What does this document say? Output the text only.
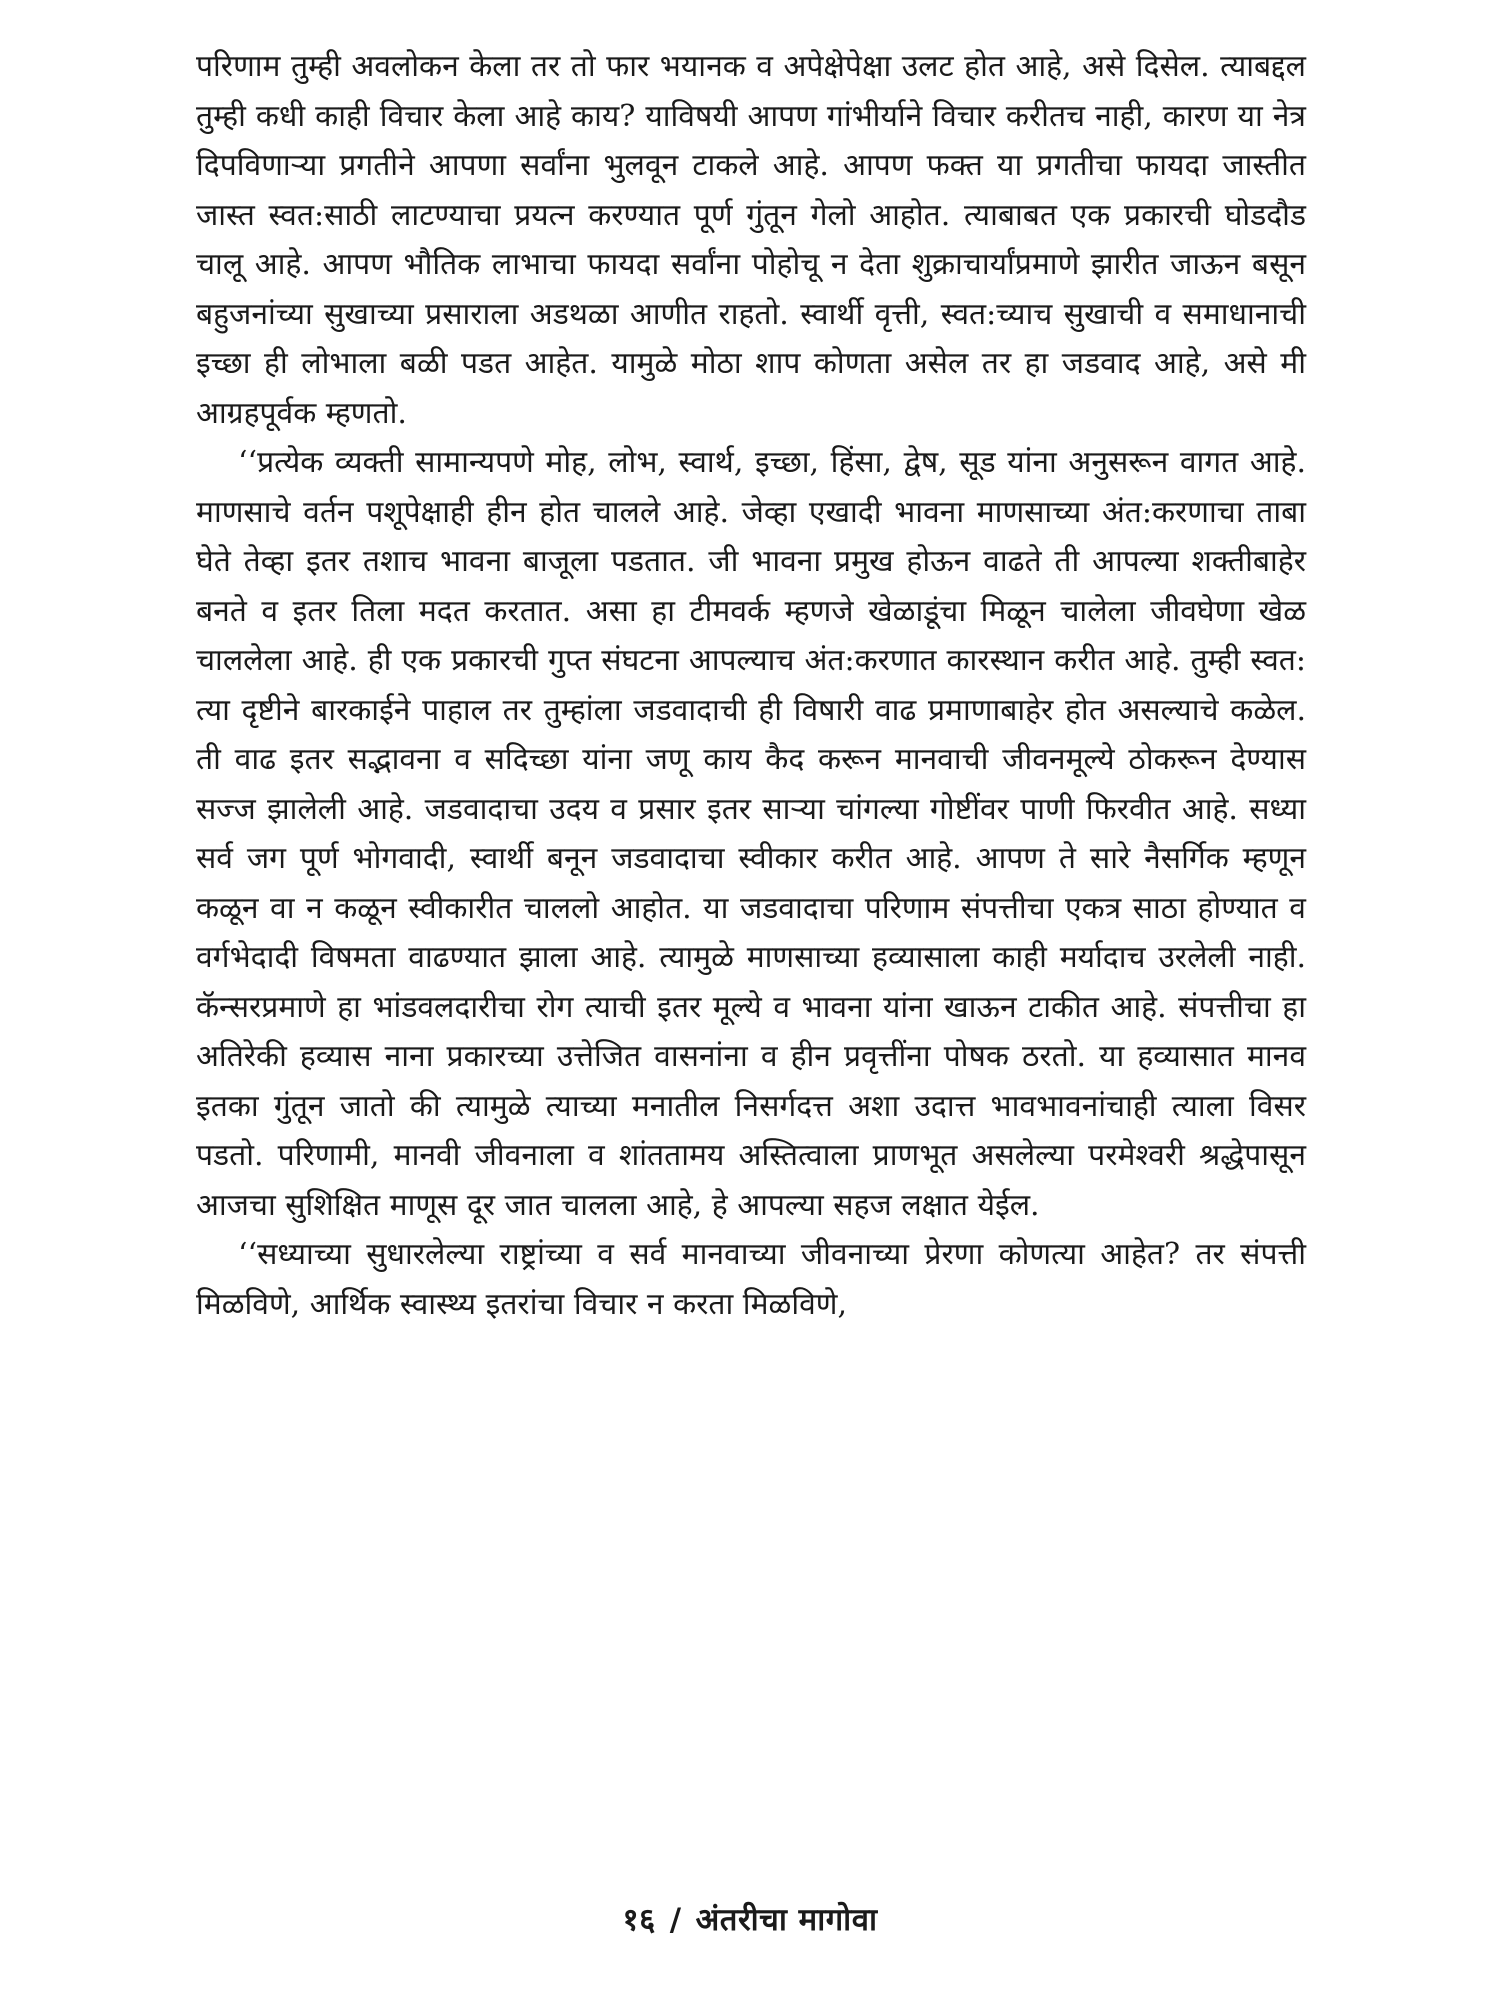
परिणाम तुम्ही अवलोकन केला तर तो फार भयानक व अपेक्षेपेक्षा उलट होत आहे, असे दिसेल. त्याबद्दल तुम्ही कधी काही विचार केला आहे काय? याविषयी आपण गांभीर्याने विचार करीतच नाही, कारण या नेत्र दिपविणाऱ्या प्रगतीने आपणा सर्वांना भुलवून टाकले आहे. आपण फक्त या प्रगतीचा फायदा जास्तीत जास्त स्वत:साठी लाटण्याचा प्रयत्न करण्यात पूर्ण गुंतून गेलो आहोत. त्याबाबत एक प्रकारची घोडदौड चालू आहे. आपण भौतिक लाभाचा फायदा सर्वांना पोहोचू न देता शुक्राचार्यांप्रमाणे झारीत जाऊन बसून बहुजनांच्या सुखाच्या प्रसाराला अडथळा आणीत राहतो. स्वार्थी वृत्ती, स्वत:च्याच सुखाची व समाधानाची इच्छा ही लोभाला बळी पडत आहेत. यामुळे मोठा शाप कोणता असेल तर हा जडवाद आहे, असे मी आग्रहपूर्वक म्हणतो.

‘‘प्रत्येक व्यक्ती सामान्यपणे मोह, लोभ, स्वार्थ, इच्छा, हिंसा, द्वेष, सूड यांना अनुसरून वागत आहे. माणसाचे वर्तन पशूपेक्षाही हीन होत चालले आहे. जेव्हा एखादी भावना माणसाच्या अंत:करणाचा ताबा घेते तेव्हा इतर तशाच भावना बाजूला पडतात. जी भावना प्रमुख होऊन वाढते ती आपल्या शक्तीबाहेर बनते व इतर तिला मदत करतात. असा हा टीमवर्क म्हणजे खेळाडूंचा मिळून चालेला जीवघेणा खेळ चाललेला आहे. ही एक प्रकारची गुप्त संघटना आपल्याच अंत:करणात कारस्थान करीत आहे. तुम्ही स्वत: त्या दृष्टीने बारकाईने पाहाल तर तुम्हांला जडवादाची ही विषारी वाढ प्रमाणाबाहेर होत असल्याचे कळेल. ती वाढ इतर सद्भावना व सदिच्छा यांना जणू काय कैद करून मानवाची जीवनमूल्ये ठोकरून देण्यास सज्ज झालेली आहे. जडवादाचा उदय व प्रसार इतर साऱ्या चांगल्या गोष्टींवर पाणी फिरवीत आहे. सध्या सर्व जग पूर्ण भोगवादी, स्वार्थी बनून जडवादाचा स्वीकार करीत आहे. आपण ते सारे नैसर्गिक म्हणून कळून वा न कळून स्वीकारीत चाललो आहोत. या जडवादाचा परिणाम संपत्तीचा एकत्र साठा होण्यात व वर्गभेदादी विषमता वाढण्यात झाला आहे. त्यामुळे माणसाच्या हव्यासाला काही मर्यादाच उरलेली नाही. कॅन्सरप्रमाणे हा भांडवलदारीचा रोग त्याची इतर मूल्ये व भावना यांना खाऊन टाकीत आहे. संपत्तीचा हा अतिरेकी हव्यास नाना प्रकारच्या उत्तेजित वासनांना व हीन प्रवृत्तींना पोषक ठरतो. या हव्यासात मानव इतका गुंतून जातो की त्यामुळे त्याच्या मनातील निसर्गदत्त अशा उदात्त भावभावनांचाही त्याला विसर पडतो. परिणामी, मानवी जीवनाला व शांततामय अस्तित्वाला प्राणभूत असलेल्या परमेश्वरी श्रद्धेपासून आजचा सुशिक्षित माणूस दूर जात चालला आहे, हे आपल्या सहज लक्षात येईल.

‘‘सध्याच्या सुधारलेल्या राष्ट्रांच्या व सर्व मानवाच्या जीवनाच्या प्रेरणा कोणत्या आहेत? तर संपत्ती मिळविणे, आर्थिक स्वास्थ्य इतरांचा विचार न करता मिळविणे,

१६ / अंतरीचा मागोवा
